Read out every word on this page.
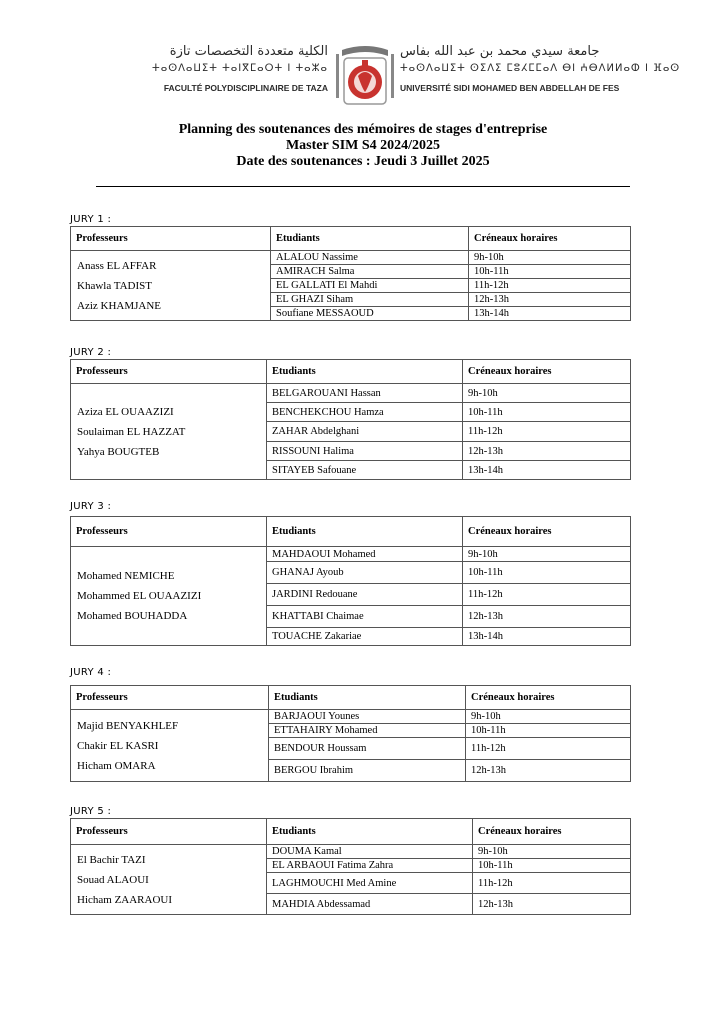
الكلية متعددة التخصصات تازة
ⵜⴰⵙⴷⴰⵡⵉⵜ ⵜⴰⵏⴳⵎⴰⵔⵜ ⵏ ⵜⴰⵣⴰ
FACULTÉ POLYDISCIPLINAIRE DE TAZA
جامعة سيدي محمد بن عبد الله بفاس
ⵜⴰⵙⴷⴰⵡⵉⵜ ⵙⵉⴷⵉ ⵎⵓⵃⵎⵎⴰⴷ ⴱⵏ ⵄⴱⴷⵍⵍⴰⵀ ⵏ ⴼⴰⵙ
UNIVERSITÉ SIDI MOHAMED BEN ABDELLAH DE FES
Planning des soutenances des mémoires de stages d'entreprise
Master SIM S4 2024/2025
Date des soutenances : Jeudi 3 Juillet 2025
JURY 1 :
Professeurs	Etudiants	Créneaux horaires

Anass EL AFFAR
Khawla TADIST
Aziz KHAMJANE	ALALOU Nassime	9h-10h
	AMIRACH Salma	10h-11h
	EL GALLATI El Mahdi	11h-12h
	EL GHAZI Siham	12h-13h
	Soufiane MESSAOUD	13h-14h
JURY 2 :
Professeurs	Etudiants	Créneaux horaires

Aziza EL OUAAZIZI
Soulaiman EL HAZZAT
Yahya BOUGTEB	BELGAROUANI Hassan	9h-10h
	BENCHEKCHOU Hamza	10h-11h
	ZAHAR Abdelghani	11h-12h
	RISSOUNI Halima	12h-13h
	SITAYEB Safouane	13h-14h
JURY 3 :
Professeurs	Etudiants	Créneaux horaires

Mohamed NEMICHE
Mohammed EL OUAAZIZI
Mohamed BOUHADDA	MAHDAOUI Mohamed	9h-10h
	GHANAJ Ayoub	10h-11h
	JARDINI Redouane	11h-12h
	KHATTABI Chaimae	12h-13h
	TOUACHE Zakariae	13h-14h
JURY 4 :
Professeurs	Etudiants	Créneaux horaires

Majid BENYAKHLEF
Chakir EL KASRI
Hicham OMARA	BARJAOUI Younes	9h-10h
	ETTAHAIRY Mohamed	10h-11h
	BENDOUR Houssam	11h-12h
	BERGOU Ibrahim	12h-13h
JURY 5 :
Professeurs	Etudiants	Créneaux horaires

El Bachir TAZI
Souad ALAOUI
Hicham ZAARAOUI	DOUMA Kamal	9h-10h
	EL ARBAOUI Fatima Zahra	10h-11h
	LAGHMOUCHI Med Amine	11h-12h
	MAHDIA Abdessamad	12h-13h
